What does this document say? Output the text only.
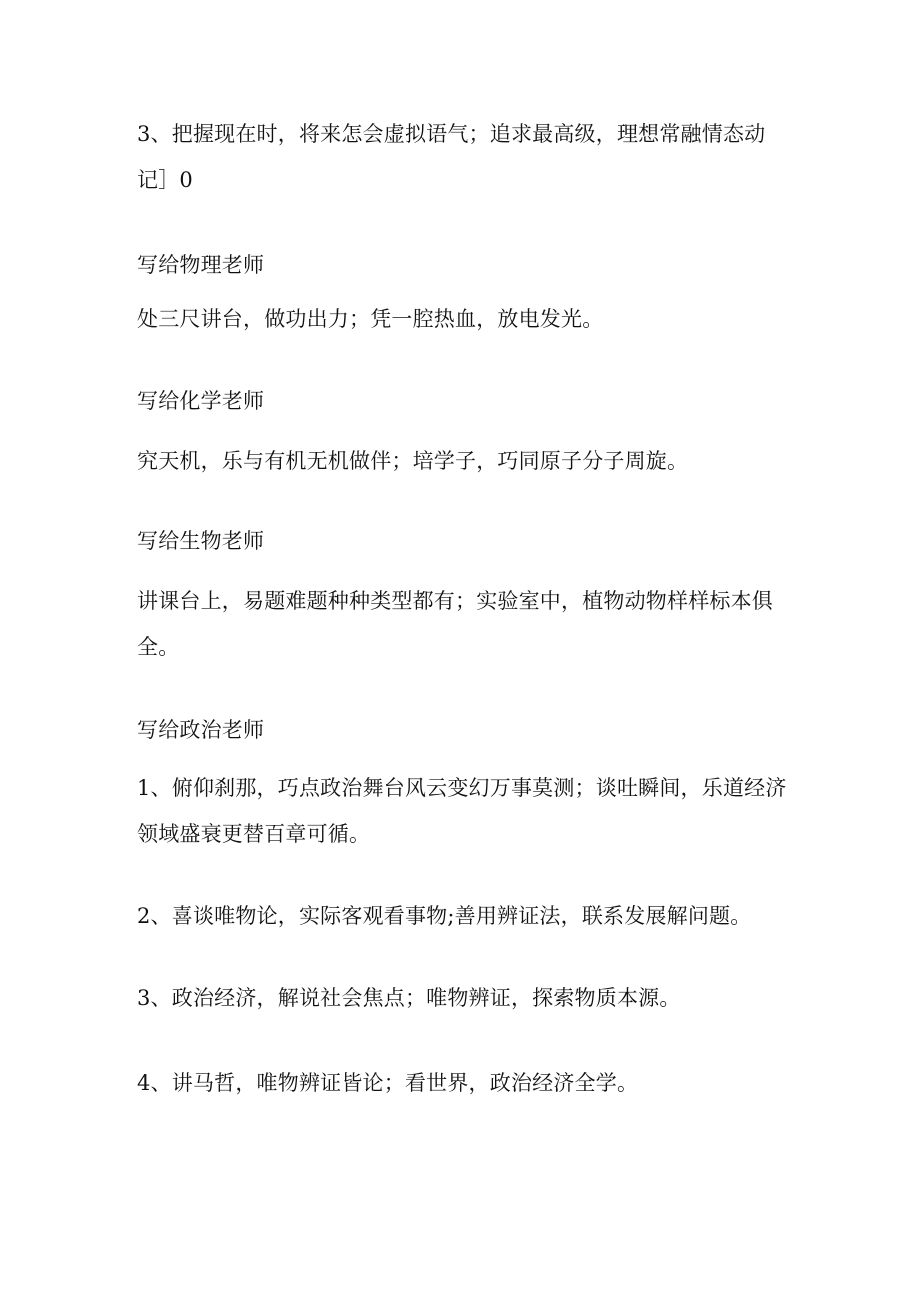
3、把握现在时，将来怎会虚拟语气；追求最高级，理想常融情态动记］0

写给物理老师

处三尺讲台，做功出力；凭一腔热血，放电发光。

写给化学老师

究天机，乐与有机无机做伴；培学子，巧同原子分子周旋。

写给生物老师

讲课台上，易题难题种种类型都有；实验室中，植物动物样样标本俱全。

写给政治老师

1、俯仰刹那，巧点政治舞台风云变幻万事莫测；谈吐瞬间，乐道经济领域盛衰更替百章可循。

2、喜谈唯物论，实际客观看事物;善用辨证法，联系发展解问题。

3、政治经济，解说社会焦点；唯物辨证，探索物质本源。

4、讲马哲，唯物辨证皆论；看世界，政治经济全学。
